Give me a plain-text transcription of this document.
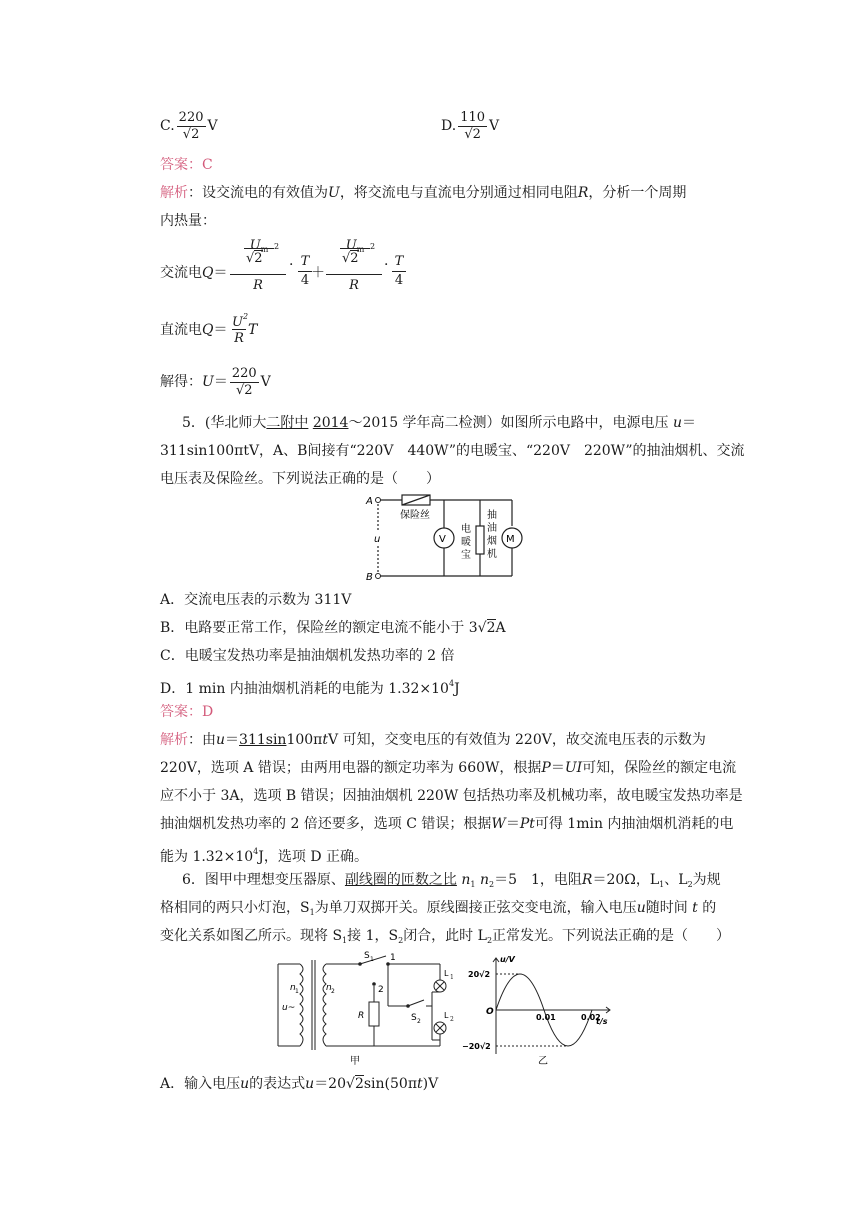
C. $\frac{220}{√2}$ V	D. $\frac{110}{√2}$ V
答案：C
解析：设交流电的有效值为U，将交流电与直流电分别通过相同电阻R，分析一个周期
内热量：
交流电Q＝
$U_m$
√2
2
R
· T
4 ＋
$U_m$
√2
2
R
· T
4
直流电$Q= U^2$
R
T
解得：$U= \frac{220}{√2}$ V
5．(华北师大二附中 2014～2015 学年高二检测）如图所示电路中，电源电压 u＝
311sin100πtV，A、B间接有“220V　440W”的电暖宝、“220V　220W”的抽油烟机、交流
电压表及保险丝。下列说法正确的是（　　）
A
B
u
保险丝
V
电
暖
宝
抽
油
烟
机
M
A．交流电压表的示数为 311V
B．电路要正常工作，保险丝的额定电流不能小于 3√2A
C．电暖宝发热功率是抽油烟机发热功率的 2 倍
D．1 min 内抽油烟机消耗的电能为 $1.32\times 10^4J$
答案：D
解析：由u＝311sin100πtV 可知，交变电压的有效值为 220V，故交流电压表的示数为
220V，选项 A 错误；由两用电器的额定功率为 660W，根据P＝UI可知，保险丝的额定电流
应不小于 3A，选项 B 错误；因抽油烟机 220W 包括热功率及机械功率，故电暖宝发热功率是
抽油烟机发热功率的 2 倍还要多，选项 C 错误；根据W＝Pt可得 1min 内抽油烟机消耗的电
能为 $1.32\times 10^4J$，选项 D 正确。
6．图甲中理想变压器原、副线圈的匝数之比 $n_1$ $n_2=5$　1，电阻R＝20Ω，$L_1$、$L_2$为规
格相同的两只小灯泡，$S_1$为单刀双掷开关。原线圈接正弦交变电流，输入电压u随时间 t 的
变化关系如图乙所示。现将 $S_1$接 1，$S_2$闭合，此时 $L_2$正常发光。下列说法正确的是（　　）
u~
n 1	n 2
S 1 1
2
R	S 2
L
L
甲
1
2
u/V
t/s
O
20√2
−20√2
0.01	0.02
乙
A．输入电压u的表达式u＝20√2sin(50πt)V
